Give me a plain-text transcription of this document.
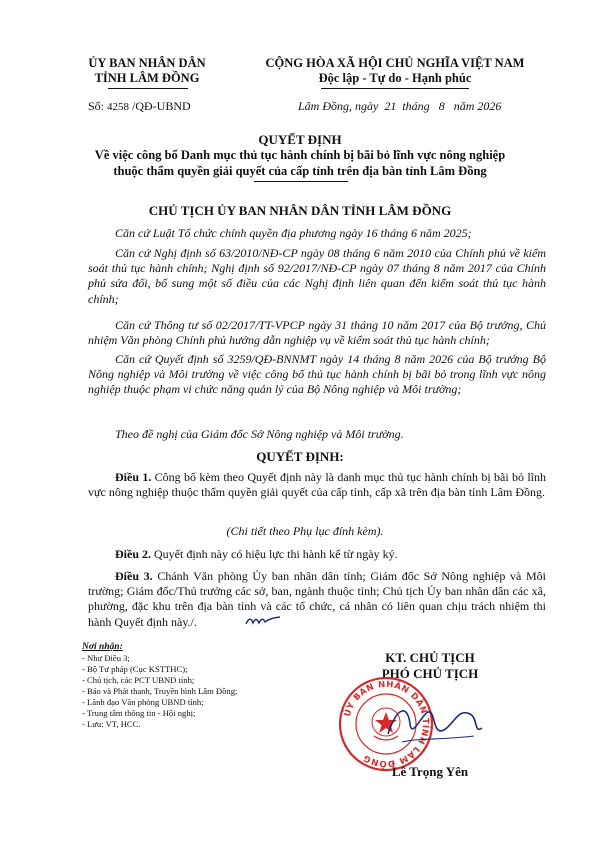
ỦY BAN NHÂN DÂN
TỈNH LÂM ĐỒNG
CỘNG HÒA XÃ HỘI CHỦ NGHĨA VIỆT NAM
Độc lập - Tự do - Hạnh phúc
Số: 4258 /QĐ-UBND	Lâm Đồng, ngày 21 tháng 8 năm 2026
QUYẾT ĐỊNH
Về việc công bố Danh mục thủ tục hành chính bị bãi bỏ lĩnh vực nông nghiệp
thuộc thẩm quyền giải quyết của cấp tỉnh trên địa bàn tỉnh Lâm Đồng
CHỦ TỊCH ỦY BAN NHÂN DÂN TỈNH LÂM ĐỒNG
Căn cứ Luật Tổ chức chính quyền địa phương ngày 16 tháng 6 năm 2025;
Căn cứ Nghị định số 63/2010/NĐ-CP ngày 08 tháng 6 năm 2010 của Chính phủ về kiểm soát thủ tục hành chính; Nghị định số 92/2017/NĐ-CP ngày 07 tháng 8 năm 2017 của Chính phủ sửa đổi, bổ sung một số điều của các Nghị định liên quan đến kiểm soát thủ tục hành chính;
Căn cứ Thông tư số 02/2017/TT-VPCP ngày 31 tháng 10 năm 2017 của Bộ trưởng, Chủ nhiệm Văn phòng Chính phủ hướng dẫn nghiệp vụ về kiểm soát thủ tục hành chính;
Căn cứ Quyết định số 3259/QĐ-BNNMT ngày 14 tháng 8 năm 2026 của Bộ trưởng Bộ Nông nghiệp và Môi trường về việc công bố thủ tục hành chính bị bãi bỏ trong lĩnh vực nông nghiệp thuộc phạm vi chức năng quản lý của Bộ Nông nghiệp và Môi trường;
Theo đề nghị của Giám đốc Sở Nông nghiệp và Môi trường.
QUYẾT ĐỊNH:
Điều 1. Công bố kèm theo Quyết định này là danh mục thủ tục hành chính bị bãi bỏ lĩnh vực nông nghiệp thuộc thẩm quyền giải quyết của cấp tỉnh, cấp xã trên địa bàn tỉnh Lâm Đồng.
(Chi tiết theo Phụ lục đính kèm).
Điều 2. Quyết định này có hiệu lực thi hành kể từ ngày ký.
Điều 3. Chánh Văn phòng Ủy ban nhân dân tỉnh; Giám đốc Sở Nông nghiệp và Môi trường; Giám đốc/Thủ trưởng các sở, ban, ngành thuộc tỉnh; Chủ tịch Ủy ban nhân dân các xã, phường, đặc khu trên địa bàn tỉnh và các tổ chức, cá nhân có liên quan chịu trách nhiệm thi hành Quyết định này./.
Nơi nhận:
- Như Điều 3;
- Bộ Tư pháp (Cục KSTTHC);
- Chủ tịch, các PCT UBND tỉnh;
- Báo và Phát thanh, Truyền hình Lâm Đồng;
- Lãnh đạo Văn phòng UBND tỉnh;
- Trung tâm thông tin - Hội nghị;
- Lưu: VT, HCC.
KT. CHỦ TỊCH
PHÓ CHỦ TỊCH
ỦY BAN NHÂN DÂN TỈNH LÂM ĐỒNG
Lê Trọng Yên
